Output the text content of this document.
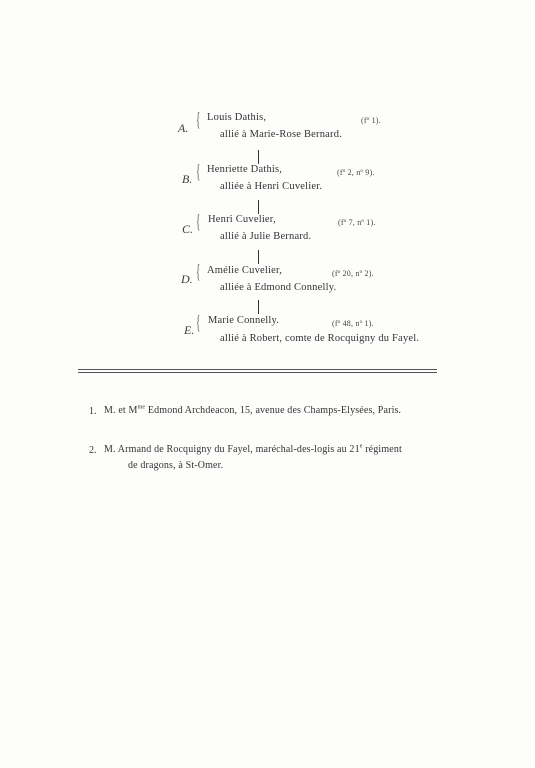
A. { Louis Dathis,	(fº 1).
allié à Marie-Rose Bernard.
B. { Henriette Dathis,	(fº 2, nº 9).
alliée à Henri Cuvelier.
C. { Henri Cuvelier,	(fº 7, nº 1).
allié à Julie Bernard.
D. { Amélie Cuvelier,	(fº 20, nº 2).
alliée à Edmond Connelly.
E. { Marie Connelly.	(fº 48, nº 1).
allié à Robert, comte de Rocquigny du Fayel.
1. M. et $M^{me}$ Edmond Archdeacon, 15, avenue des Champs-Elysées, Paris.
2. M. Armand de Rocquigny du Fayel, maréchal-des-logis au 21e régiment
de dragons, à St-Omer.
